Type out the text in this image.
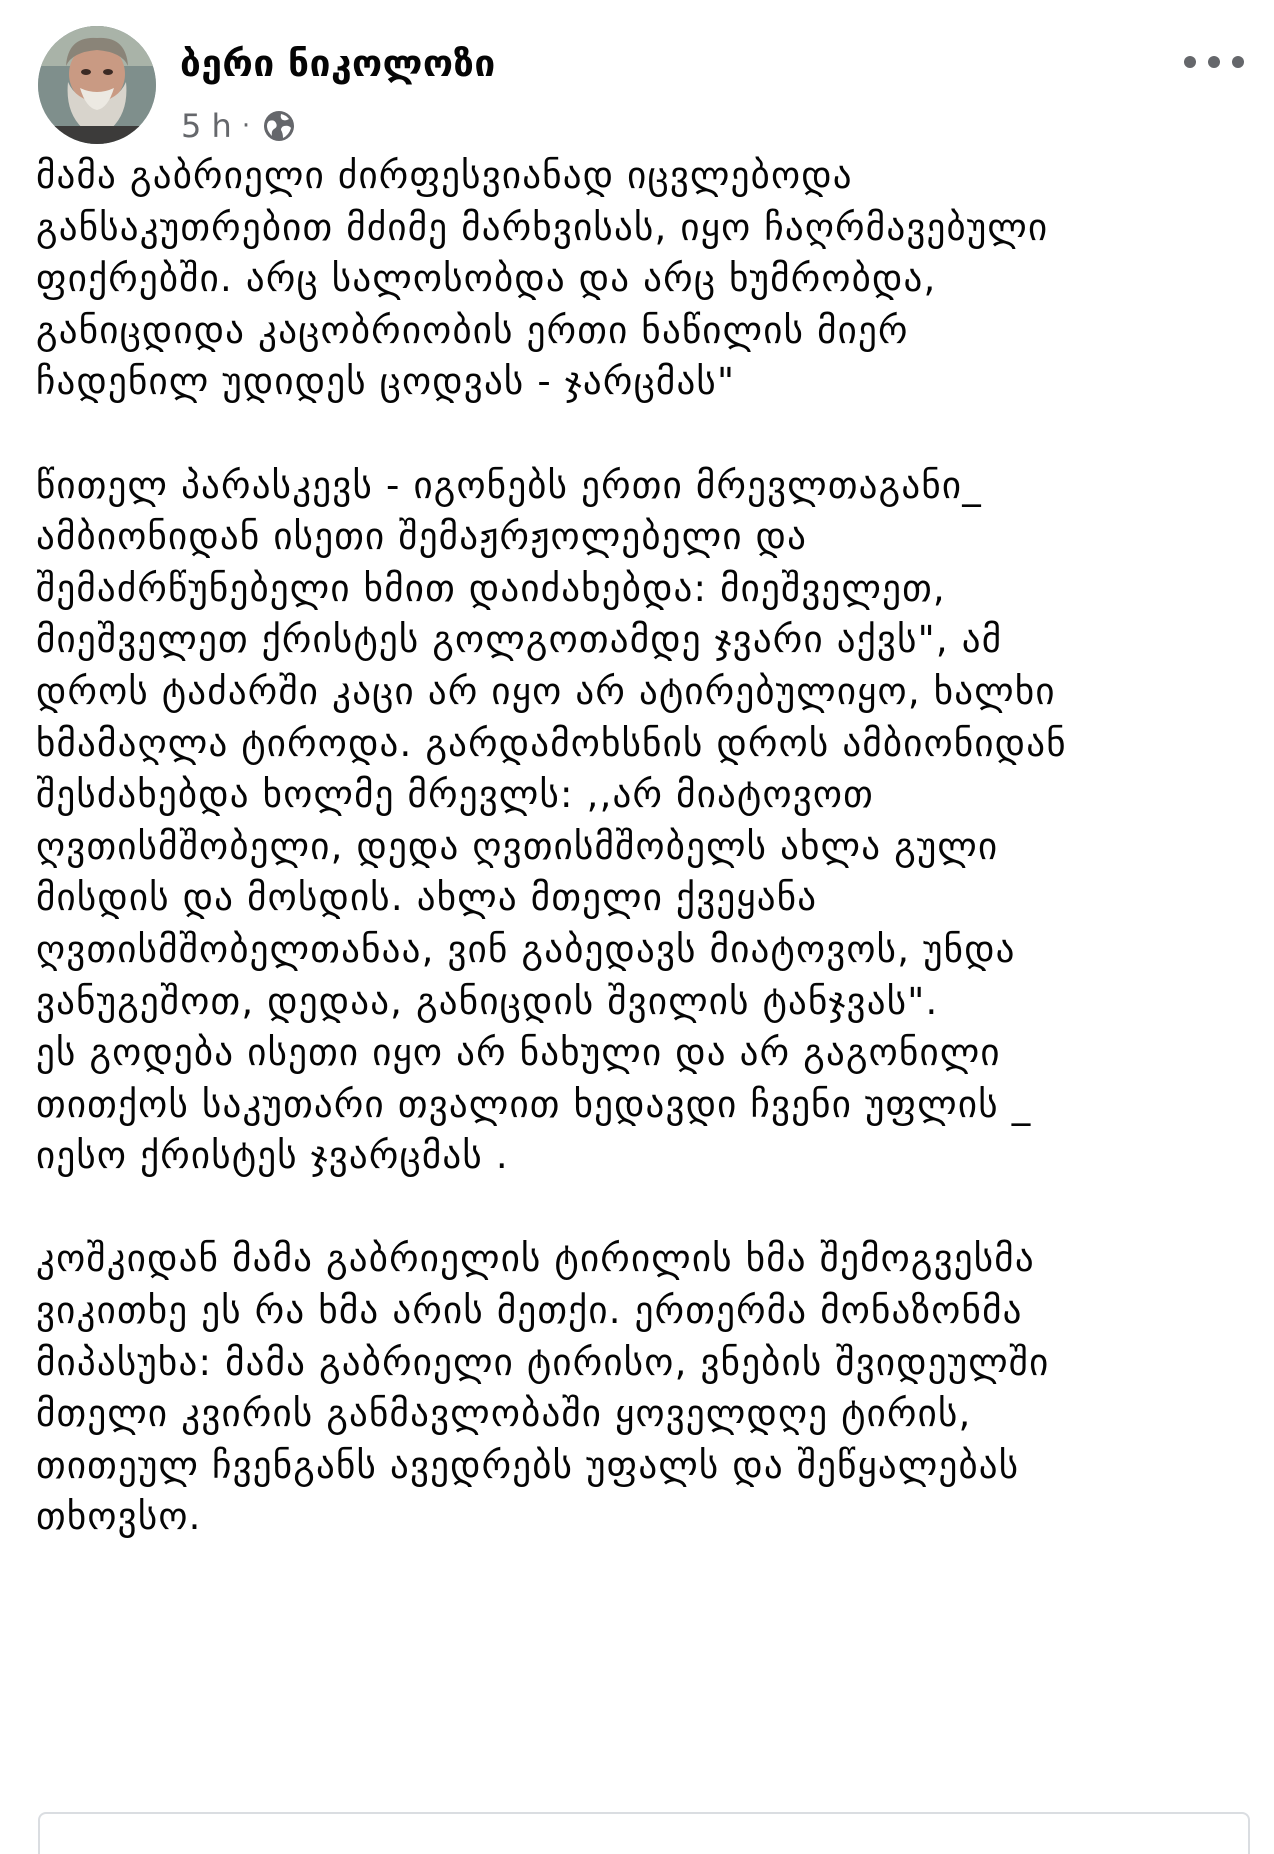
ბერი ნიკოლოზი
5 h ·

მამა გაბრიელი ძირფესვიანად იცვლებოდა
განსაკუთრებით მძიმე მარხვისას, იყო ჩაღრმავებული
ფიქრებში. არც სალოსობდა და არც ხუმრობდა,
განიცდიდა კაცობრიობის ერთი ნაწილის მიერ
ჩადენილ უდიდეს ცოდვას - ჯარცმას"

წითელ პარასკევს - იგონებს ერთი მრევლთაგანი_
ამბიონიდან ისეთი შემაჟრჟოლებელი და
შემაძრწუნებელი ხმით დაიძახებდა: მიეშველეთ,
მიეშველეთ ქრისტეს გოლგოთამდე ჯვარი აქვს", ამ
დროს ტაძარში კაცი არ იყო არ ატირებულიყო, ხალხი
ხმამაღლა ტიროდა. გარდამოხსნის დროს ამბიონიდან
შესძახებდა ხოლმე მრევლს: ,,არ მიატოვოთ
ღვთისმშობელი, დედა ღვთისმშობელს ახლა გული
მისდის და მოსდის. ახლა მთელი ქვეყანა
ღვთისმშობელთანაა, ვინ გაბედავს მიატოვოს, უნდა
ვანუგეშოთ, დედაა, განიცდის შვილის ტანჯვას".
ეს გოდება ისეთი იყო არ ნახული და არ გაგონილი
თითქოს საკუთარი თვალით ხედავდი ჩვენი უფლის _
იესო ქრისტეს ჯვარცმას .

კოშკიდან მამა გაბრიელის ტირილის ხმა შემოგვესმა
ვიკითხე ეს რა ხმა არის მეთქი. ერთერმა მონაზონმა
მიპასუხა: მამა გაბრიელი ტირისო, ვნების შვიდეულში
მთელი კვირის განმავლობაში ყოველდღე ტირის,
თითეულ ჩვენგანს ავედრებს უფალს და შეწყალებას
თხოვსო.
